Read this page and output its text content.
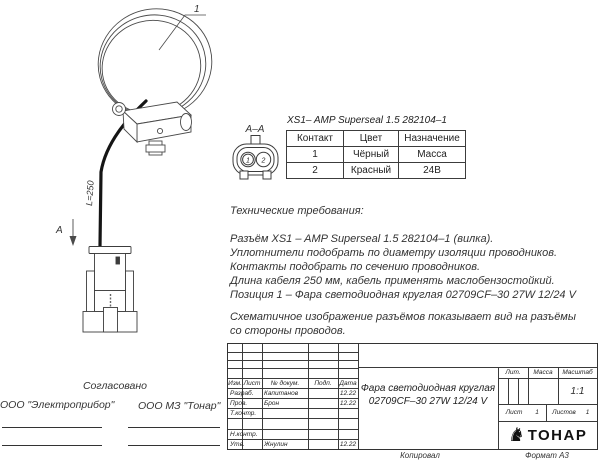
1
L=250
А
А–А
1 2
XS1– AMP Superseal 1.5 282104–1
Контакт	Цвет	Назначение
1	Чёрный	Масса
2	Красный	24В
Технические требования:
Разъём XS1 – AMP Superseal 1.5 282104–1 (вилка).
Уплотнители подобрать по диаметру изоляции проводников.
Контакты подобрать по сечению проводников.
Длина кабеля 250 мм, кабель применять маслобензостойкий.
Позиция 1 – Фара светодиодная круглая 02709CF–30 27W 12/24 V
Схематичное изображение разъёмов показывает вид на разъёмы со стороны проводов.
Согласовано
ООО "Электроприбор" ООО МЗ "Тонар"
Изм. Лист	№ докум.	Подп.	Дата
Разраб.	Капитанов	12.22
Пров.	Брон	12.22
Т.контр.
Н.контр.
Утв.	Жнулин	12.22
Фара светодиодная круглая
02709CF–30 27W 12/24 V
Лит.	Масса	Масштаб
1:1
Лист	1	Листов	1
♞ ТОНАР
Копировал	Формат А3
